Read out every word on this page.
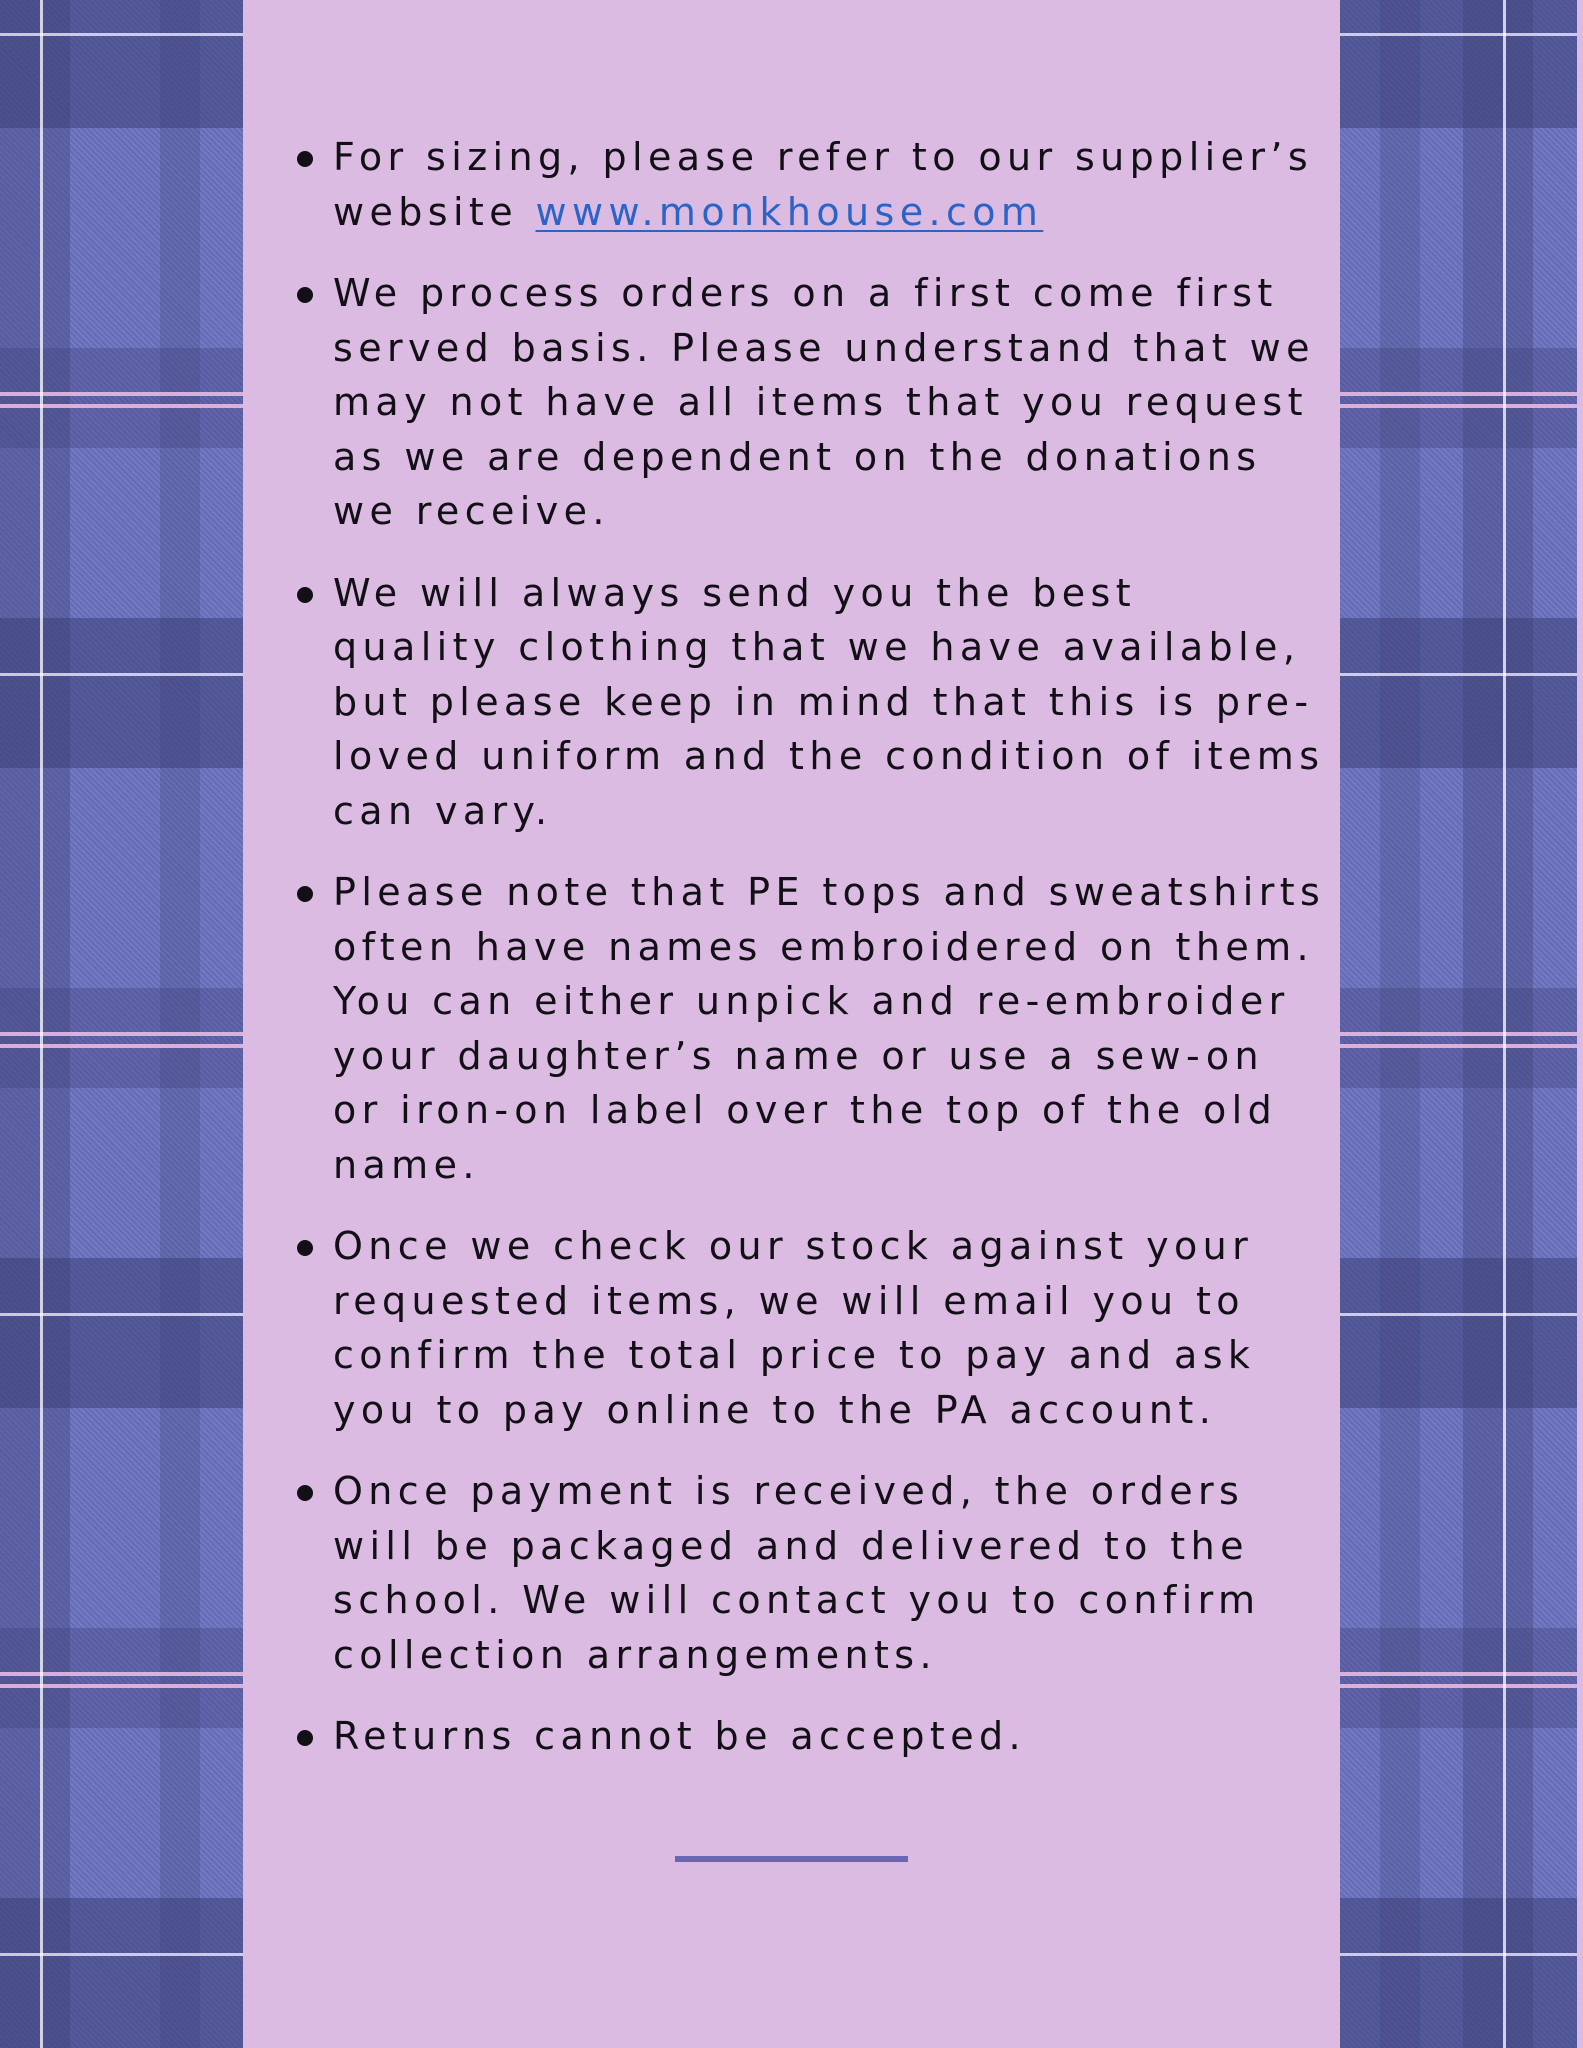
For sizing, please refer to our supplier’s
website www.monkhouse.com
We process orders on a first come first
served basis. Please understand that we
may not have all items that you request
as we are dependent on the donations
we receive.
We will always send you the best
quality clothing that we have available,
but please keep in mind that this is pre-
loved uniform and the condition of items
can vary.
Please note that PE tops and sweatshirts
often have names embroidered on them.
You can either unpick and re-embroider
your daughter’s name or use a sew-on
or iron-on label over the top of the old
name.
Once we check our stock against your
requested items, we will email you to
confirm the total price to pay and ask
you to pay online to the PA account.
Once payment is received, the orders
will be packaged and delivered to the
school. We will contact you to confirm
collection arrangements.
Returns cannot be accepted.
